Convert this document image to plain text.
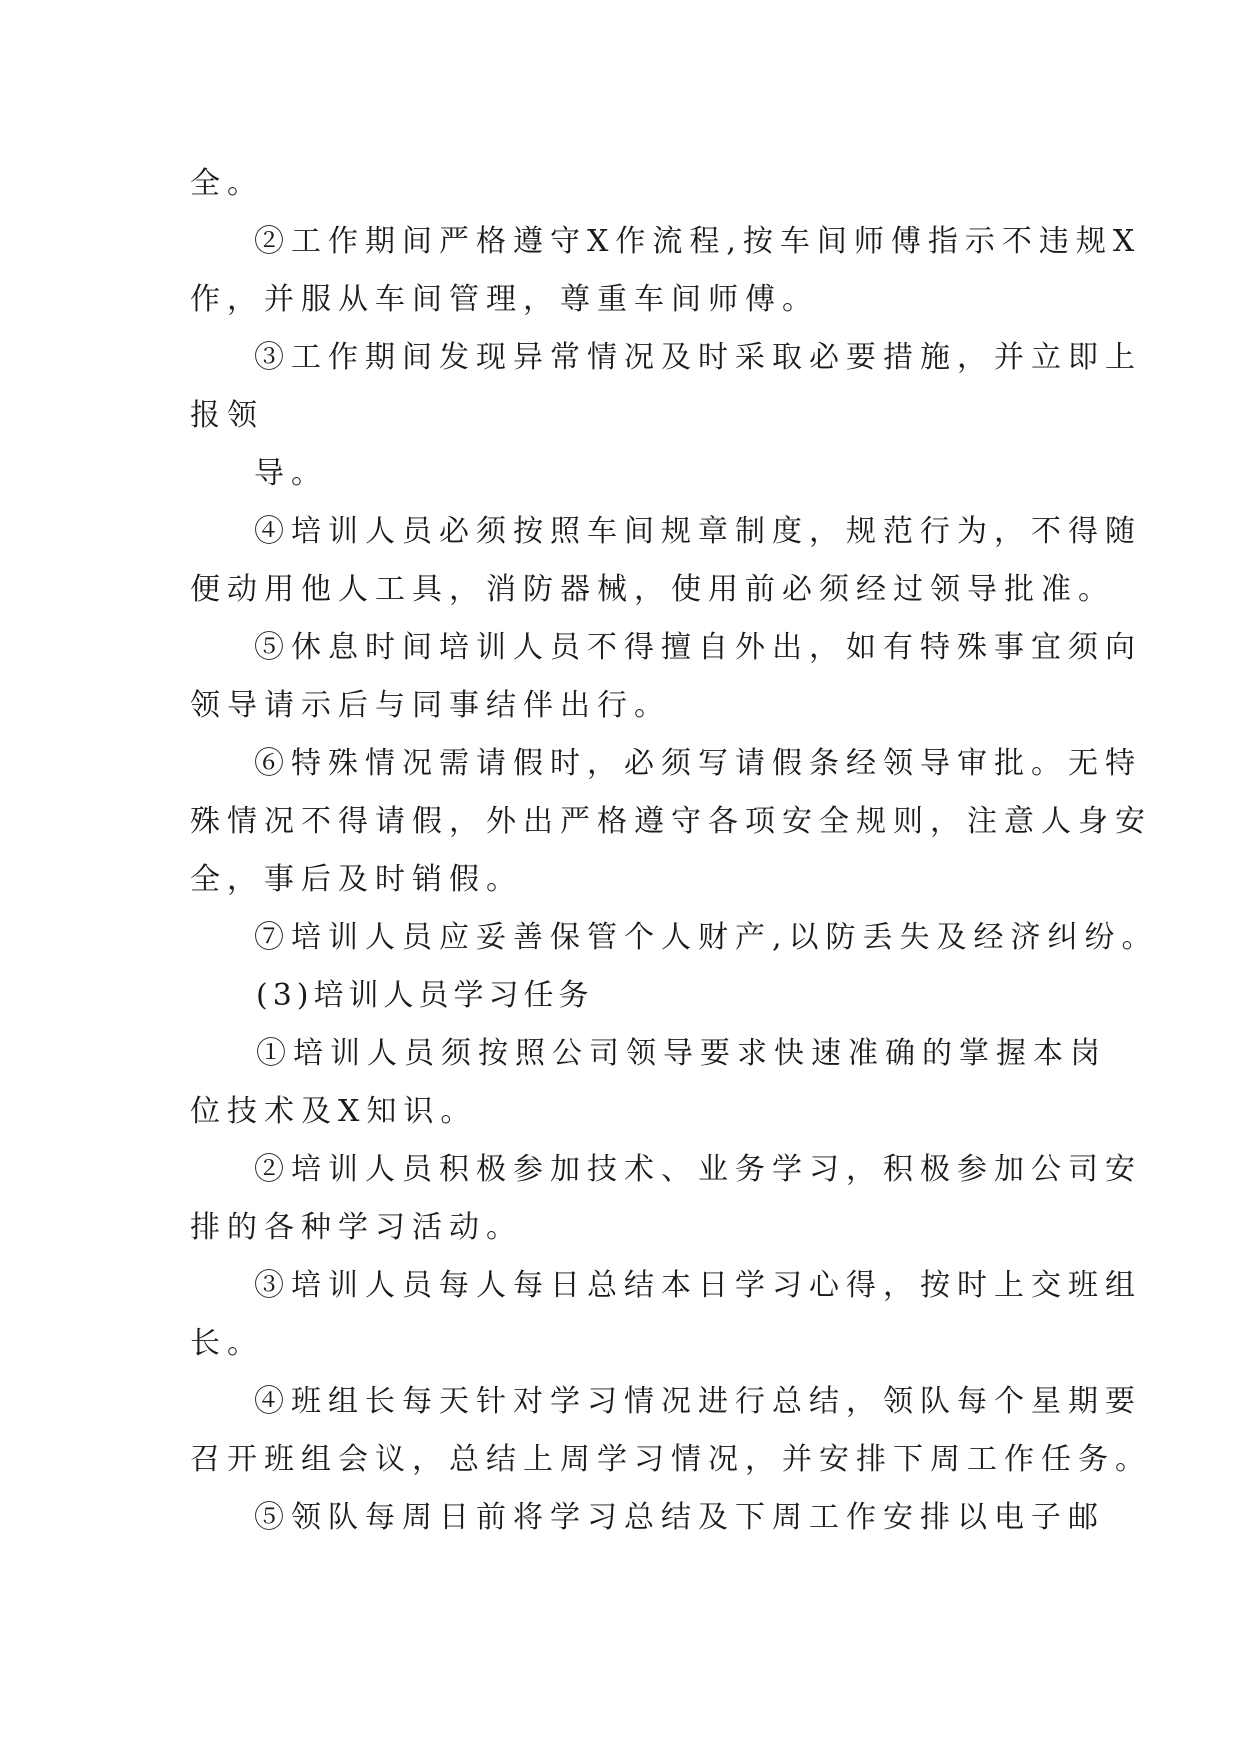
全。
②工作期间严格遵守X作流程,按车间师傅指示不违规X
作，并服从车间管理，尊重车间师傅。
③工作期间发现异常情况及时采取必要措施，并立即上
报领
导。
④培训人员必须按照车间规章制度，规范行为，不得随
便动用他人工具，消防器械，使用前必须经过领导批准。
⑤休息时间培训人员不得擅自外出，如有特殊事宜须向
领导请示后与同事结伴出行。
⑥特殊情况需请假时，必须写请假条经领导审批。无特
殊情况不得请假，外出严格遵守各项安全规则，注意人身安
全，事后及时销假。
⑦培训人员应妥善保管个人财产,以防丢失及经济纠纷。
(3)培训人员学习任务
①培训人员须按照公司领导要求快速准确的掌握本岗
位技术及X知识。
②培训人员积极参加技术、业务学习，积极参加公司安
排的各种学习活动。
③培训人员每人每日总结本日学习心得，按时上交班组
长。
④班组长每天针对学习情况进行总结，领队每个星期要
召开班组会议，总结上周学习情况，并安排下周工作任务。
⑤领队每周日前将学习总结及下周工作安排以电子邮
